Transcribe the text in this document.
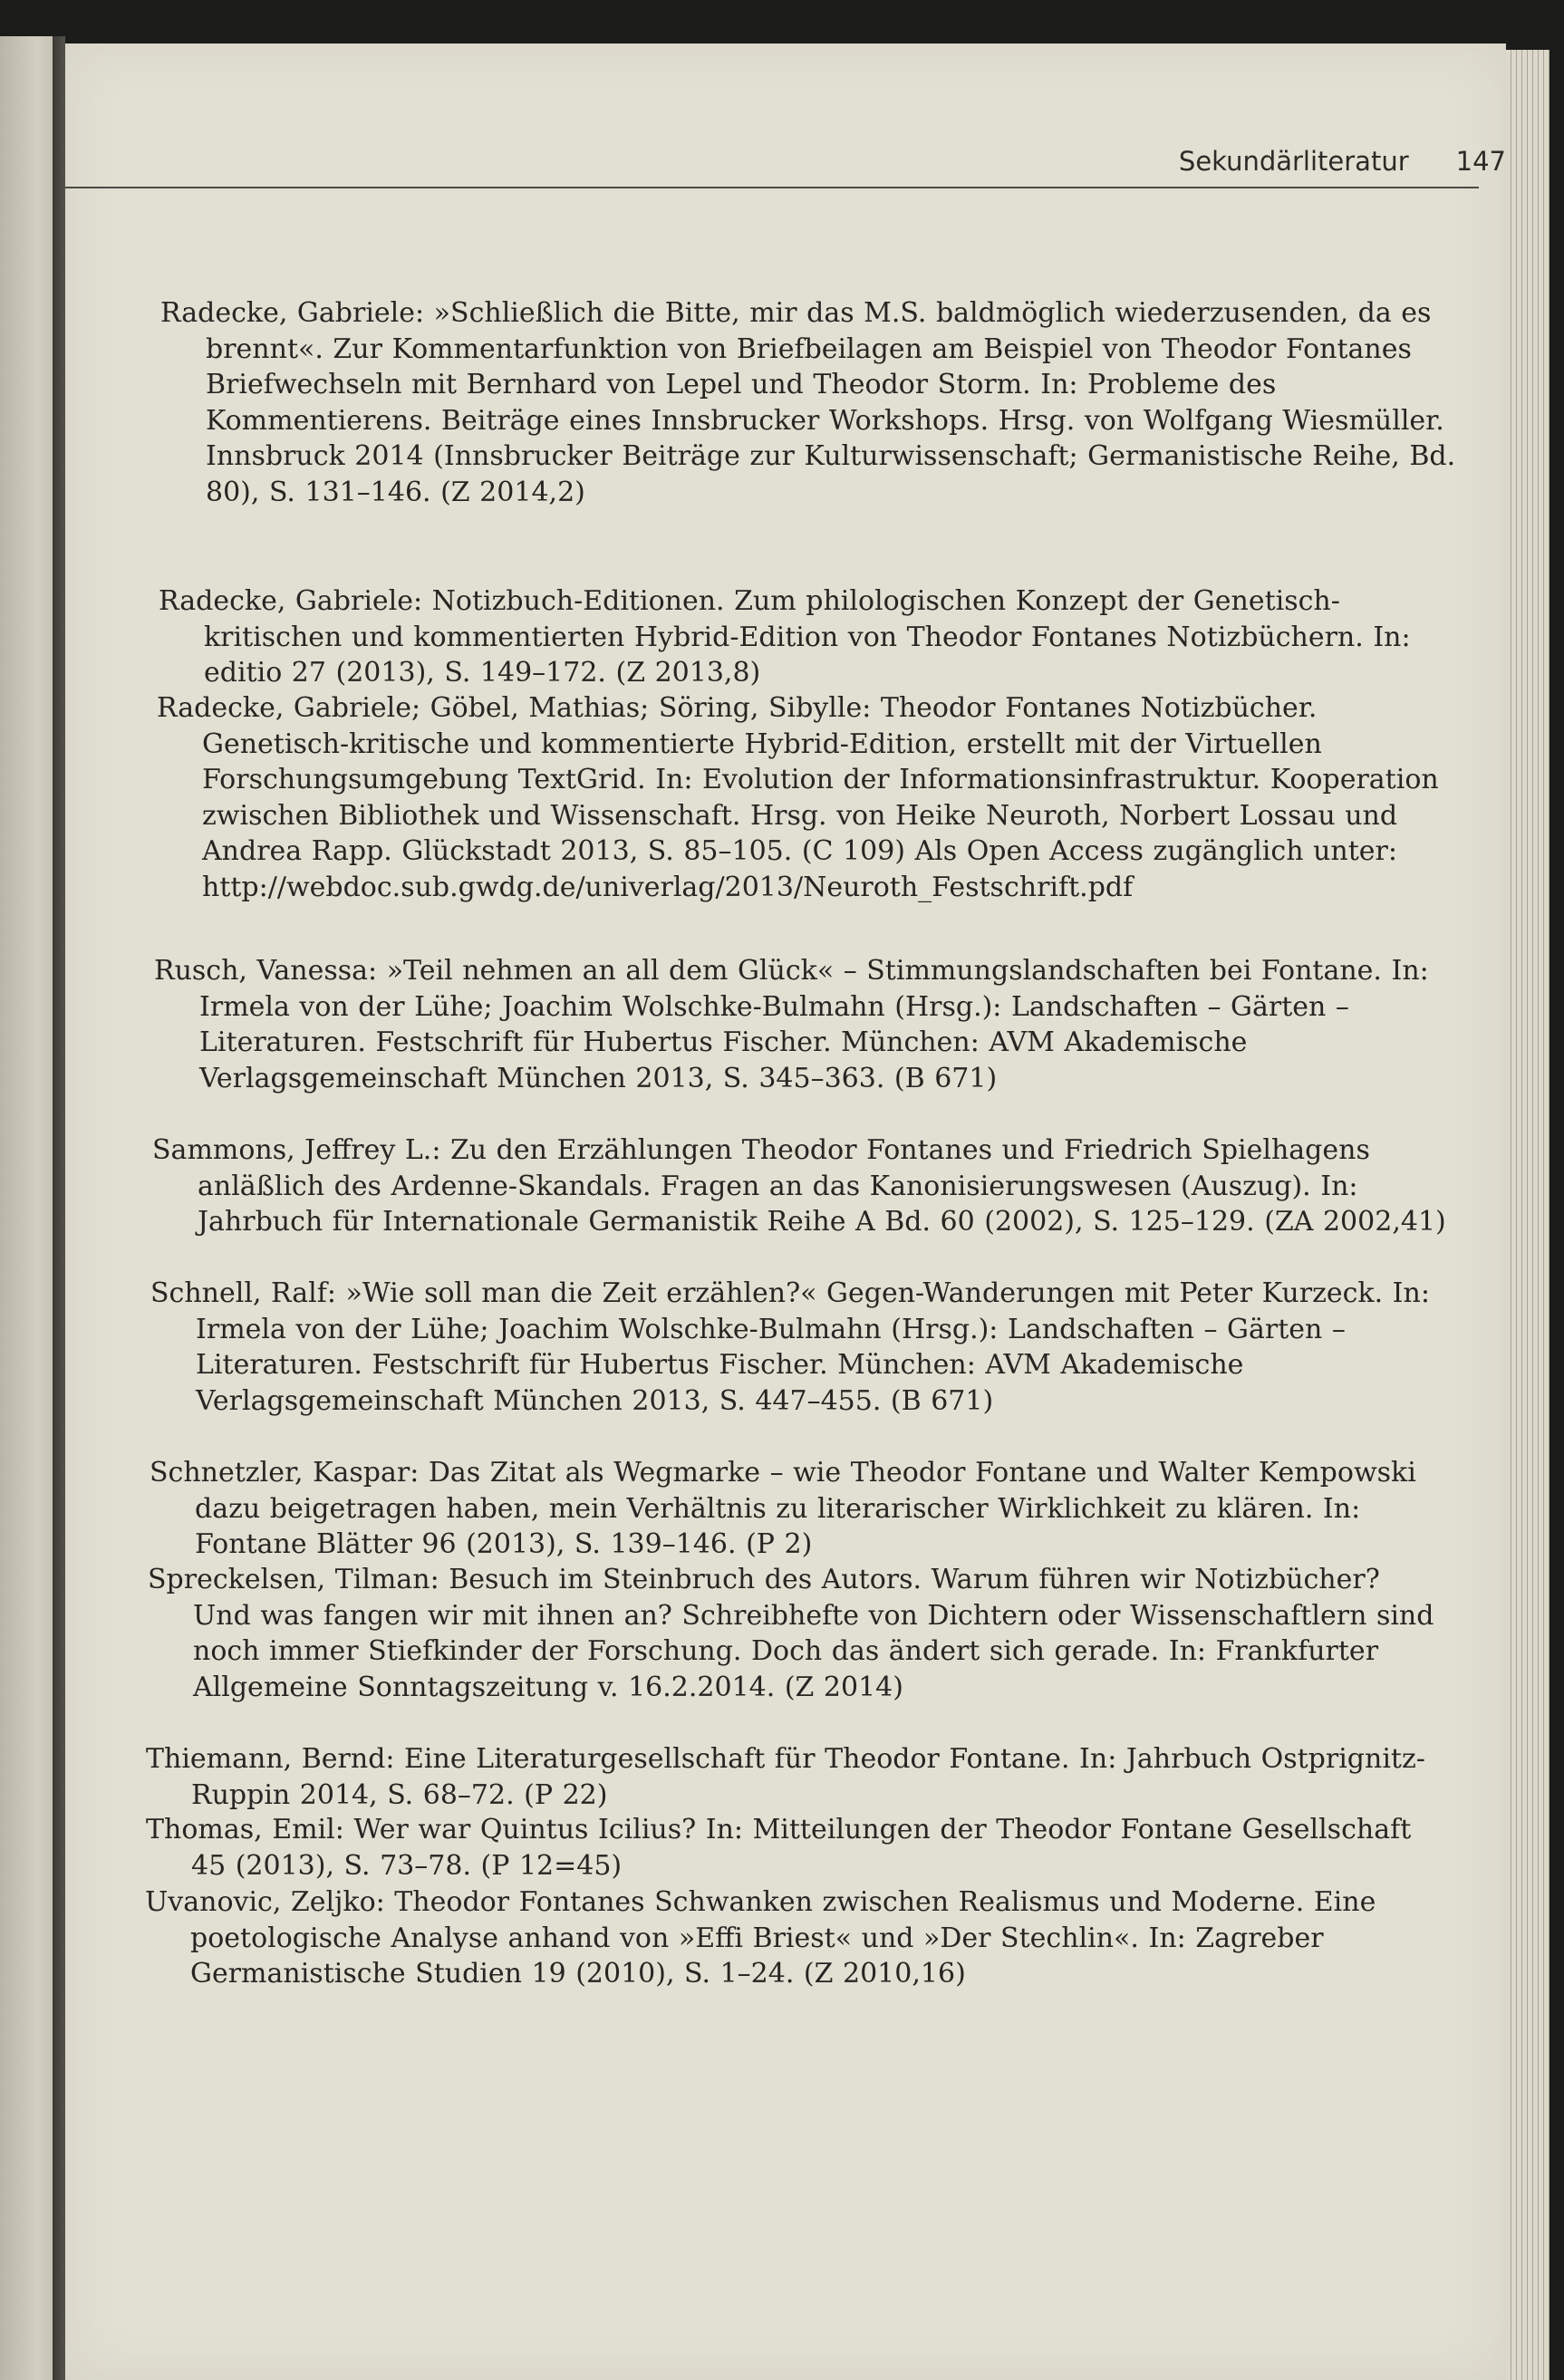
Sekundärliteratur 147

Radecke, Gabriele: »Schließlich die Bitte, mir das M.S. baldmöglich wiederzusenden, da es brennt«. Zur Kommentarfunktion von Briefbeilagen am Beispiel von Theodor Fontanes Briefwechseln mit Bernhard von Lepel und Theodor Storm. In: Probleme des Kommentierens. Beiträge eines Innsbrucker Workshops. Hrsg. von Wolfgang Wiesmüller. Innsbruck 2014 (Innsbrucker Beiträge zur Kulturwissenschaft; Germanistische Reihe, Bd. 80), S. 131–146. (Z 2014,2)

Radecke, Gabriele: Notizbuch-Editionen. Zum philologischen Konzept der Genetisch-kritischen und kommentierten Hybrid-Edition von Theodor Fontanes Notizbüchern. In: editio 27 (2013), S. 149–172. (Z 2013,8)

Radecke, Gabriele; Göbel, Mathias; Söring, Sibylle: Theodor Fontanes Notizbücher. Genetisch-kritische und kommentierte Hybrid-Edition, erstellt mit der Virtuellen Forschungsumgebung TextGrid. In: Evolution der Informationsinfrastruktur. Kooperation zwischen Bibliothek und Wissenschaft. Hrsg. von Heike Neuroth, Norbert Lossau und Andrea Rapp. Glückstadt 2013, S. 85–105. (C 109) Als Open Access zugänglich unter: http://webdoc.sub.gwdg.de/univerlag/2013/Neuroth_Festschrift.pdf

Rusch, Vanessa: »Teil nehmen an all dem Glück« – Stimmungslandschaften bei Fontane. In: Irmela von der Lühe; Joachim Wolschke-Bulmahn (Hrsg.): Landschaften – Gärten – Literaturen. Festschrift für Hubertus Fischer. München: AVM Akademische Verlagsgemeinschaft München 2013, S. 345–363. (B 671)

Sammons, Jeffrey L.: Zu den Erzählungen Theodor Fontanes und Friedrich Spielhagens anläßlich des Ardenne-Skandals. Fragen an das Kanonisierungswesen (Auszug). In: Jahrbuch für Internationale Germanistik Reihe A Bd. 60 (2002), S. 125–129. (ZA 2002,41)

Schnell, Ralf: »Wie soll man die Zeit erzählen?« Gegen-Wanderungen mit Peter Kurzeck. In: Irmela von der Lühe; Joachim Wolschke-Bulmahn (Hrsg.): Landschaften – Gärten – Literaturen. Festschrift für Hubertus Fischer. München: AVM Akademische Verlagsgemeinschaft München 2013, S. 447–455. (B 671)

Schnetzler, Kaspar: Das Zitat als Wegmarke – wie Theodor Fontane und Walter Kempowski dazu beigetragen haben, mein Verhältnis zu literarischer Wirklichkeit zu klären. In: Fontane Blätter 96 (2013), S. 139–146. (P 2)

Spreckelsen, Tilman: Besuch im Steinbruch des Autors. Warum führen wir Notizbücher? Und was fangen wir mit ihnen an? Schreibhefte von Dichtern oder Wissenschaftlern sind noch immer Stiefkinder der Forschung. Doch das ändert sich gerade. In: Frankfurter Allgemeine Sonntagszeitung v. 16.2.2014. (Z 2014)

Thiemann, Bernd: Eine Literaturgesellschaft für Theodor Fontane. In: Jahrbuch Ostprignitz-Ruppin 2014, S. 68–72. (P 22)

Thomas, Emil: Wer war Quintus Icilius? In: Mitteilungen der Theodor Fontane Gesellschaft 45 (2013), S. 73–78. (P 12=45)

Uvanovic, Zeljko: Theodor Fontanes Schwanken zwischen Realismus und Moderne. Eine poetologische Analyse anhand von »Effi Briest« und »Der Stechlin«. In: Zagreber Germanistische Studien 19 (2010), S. 1–24. (Z 2010,16)
